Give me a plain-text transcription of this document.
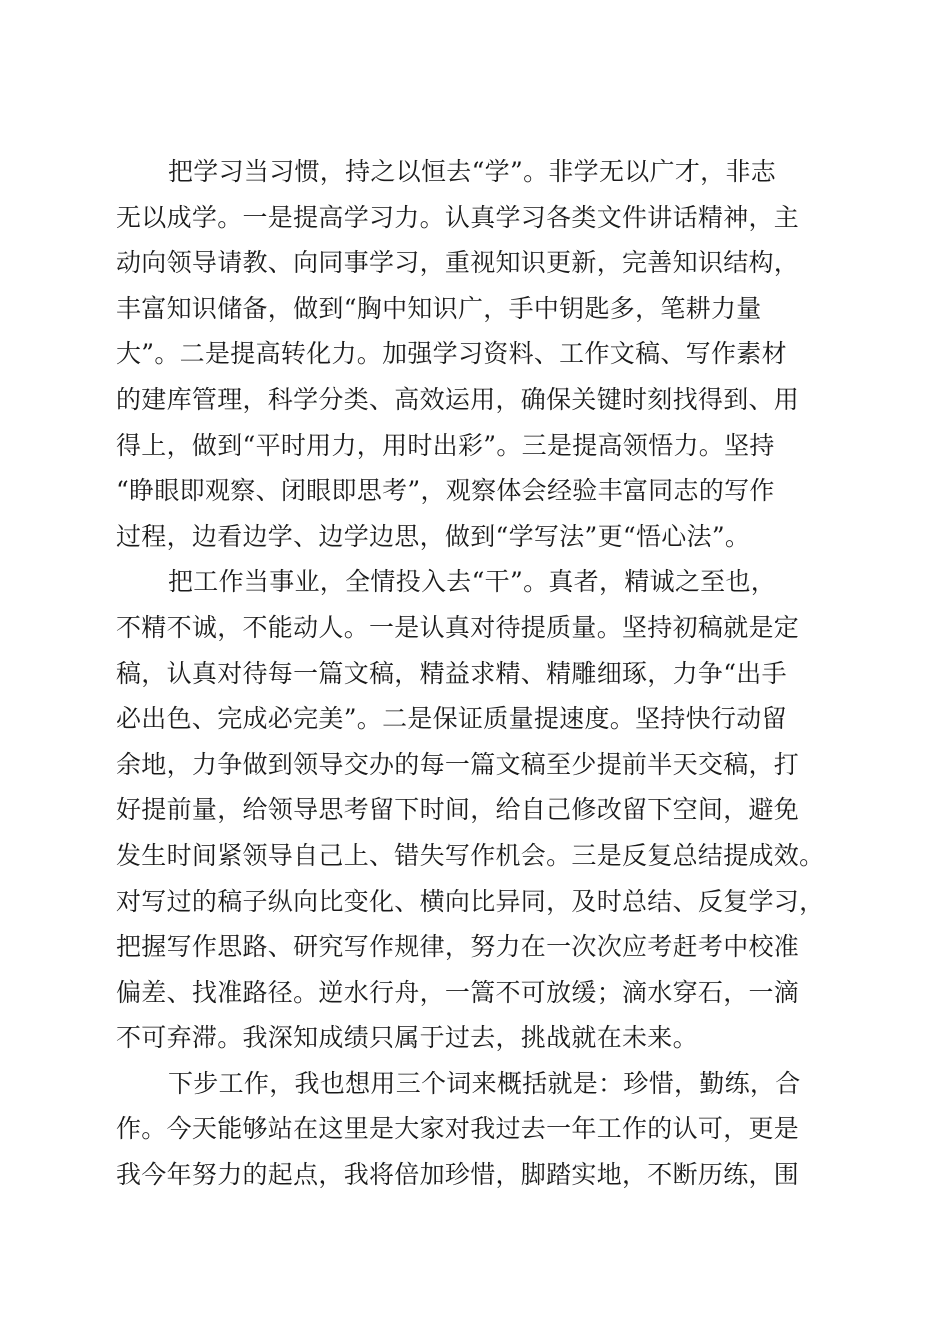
把学习当习惯，持之以恒去“学”。非学无以广才，非志
无以成学。一是提高学习力。认真学习各类文件讲话精神，主
动向领导请教、向同事学习，重视知识更新，完善知识结构，
丰富知识储备，做到“胸中知识广，手中钥匙多，笔耕力量
大”。二是提高转化力。加强学习资料、工作文稿、写作素材
的建库管理，科学分类、高效运用，确保关键时刻找得到、用
得上，做到“平时用力，用时出彩”。三是提高领悟力。坚持
“睁眼即观察、闭眼即思考”，观察体会经验丰富同志的写作
过程，边看边学、边学边思，做到“学写法”更“悟心法”。
把工作当事业，全情投入去“干”。真者，精诚之至也，
不精不诚，不能动人。一是认真对待提质量。坚持初稿就是定
稿，认真对待每一篇文稿，精益求精、精雕细琢，力争“出手
必出色、完成必完美”。二是保证质量提速度。坚持快行动留
余地，力争做到领导交办的每一篇文稿至少提前半天交稿，打
好提前量，给领导思考留下时间，给自己修改留下空间，避免
发生时间紧领导自己上、错失写作机会。三是反复总结提成效。
对写过的稿子纵向比变化、横向比异同，及时总结、反复学习，
把握写作思路、研究写作规律，努力在一次次应考赶考中校准
偏差、找准路径。逆水行舟，一篙不可放缓；滴水穿石，一滴
不可弃滞。我深知成绩只属于过去，挑战就在未来。
下步工作，我也想用三个词来概括就是：珍惜，勤练，合
作。今天能够站在这里是大家对我过去一年工作的认可，更是
我今年努力的起点，我将倍加珍惜，脚踏实地，不断历练，围
